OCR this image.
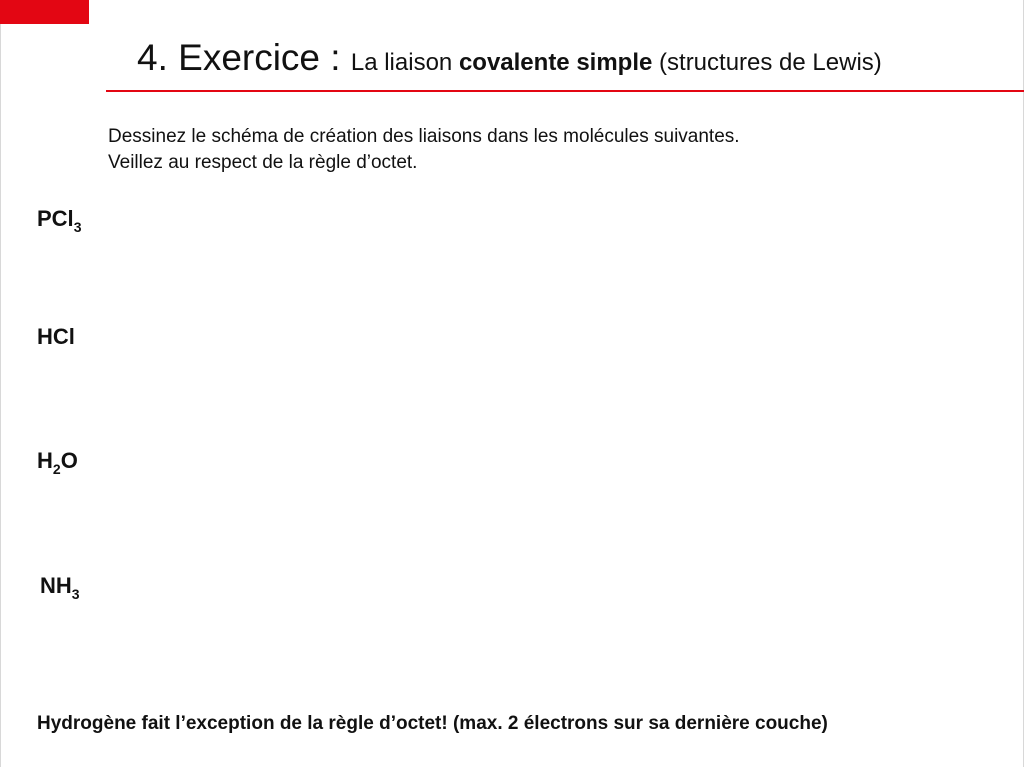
4. Exercice : La liaison covalente simple (structures de Lewis)
Dessinez le schéma de création des liaisons dans les molécules suivantes.
Veillez au respect de la règle d’octet.
PCl$_3$
HCl
$H_2O$
$NH_3$
Hydrogène fait l’exception de la règle d’octet! (max. 2 électrons sur sa dernière couche)
